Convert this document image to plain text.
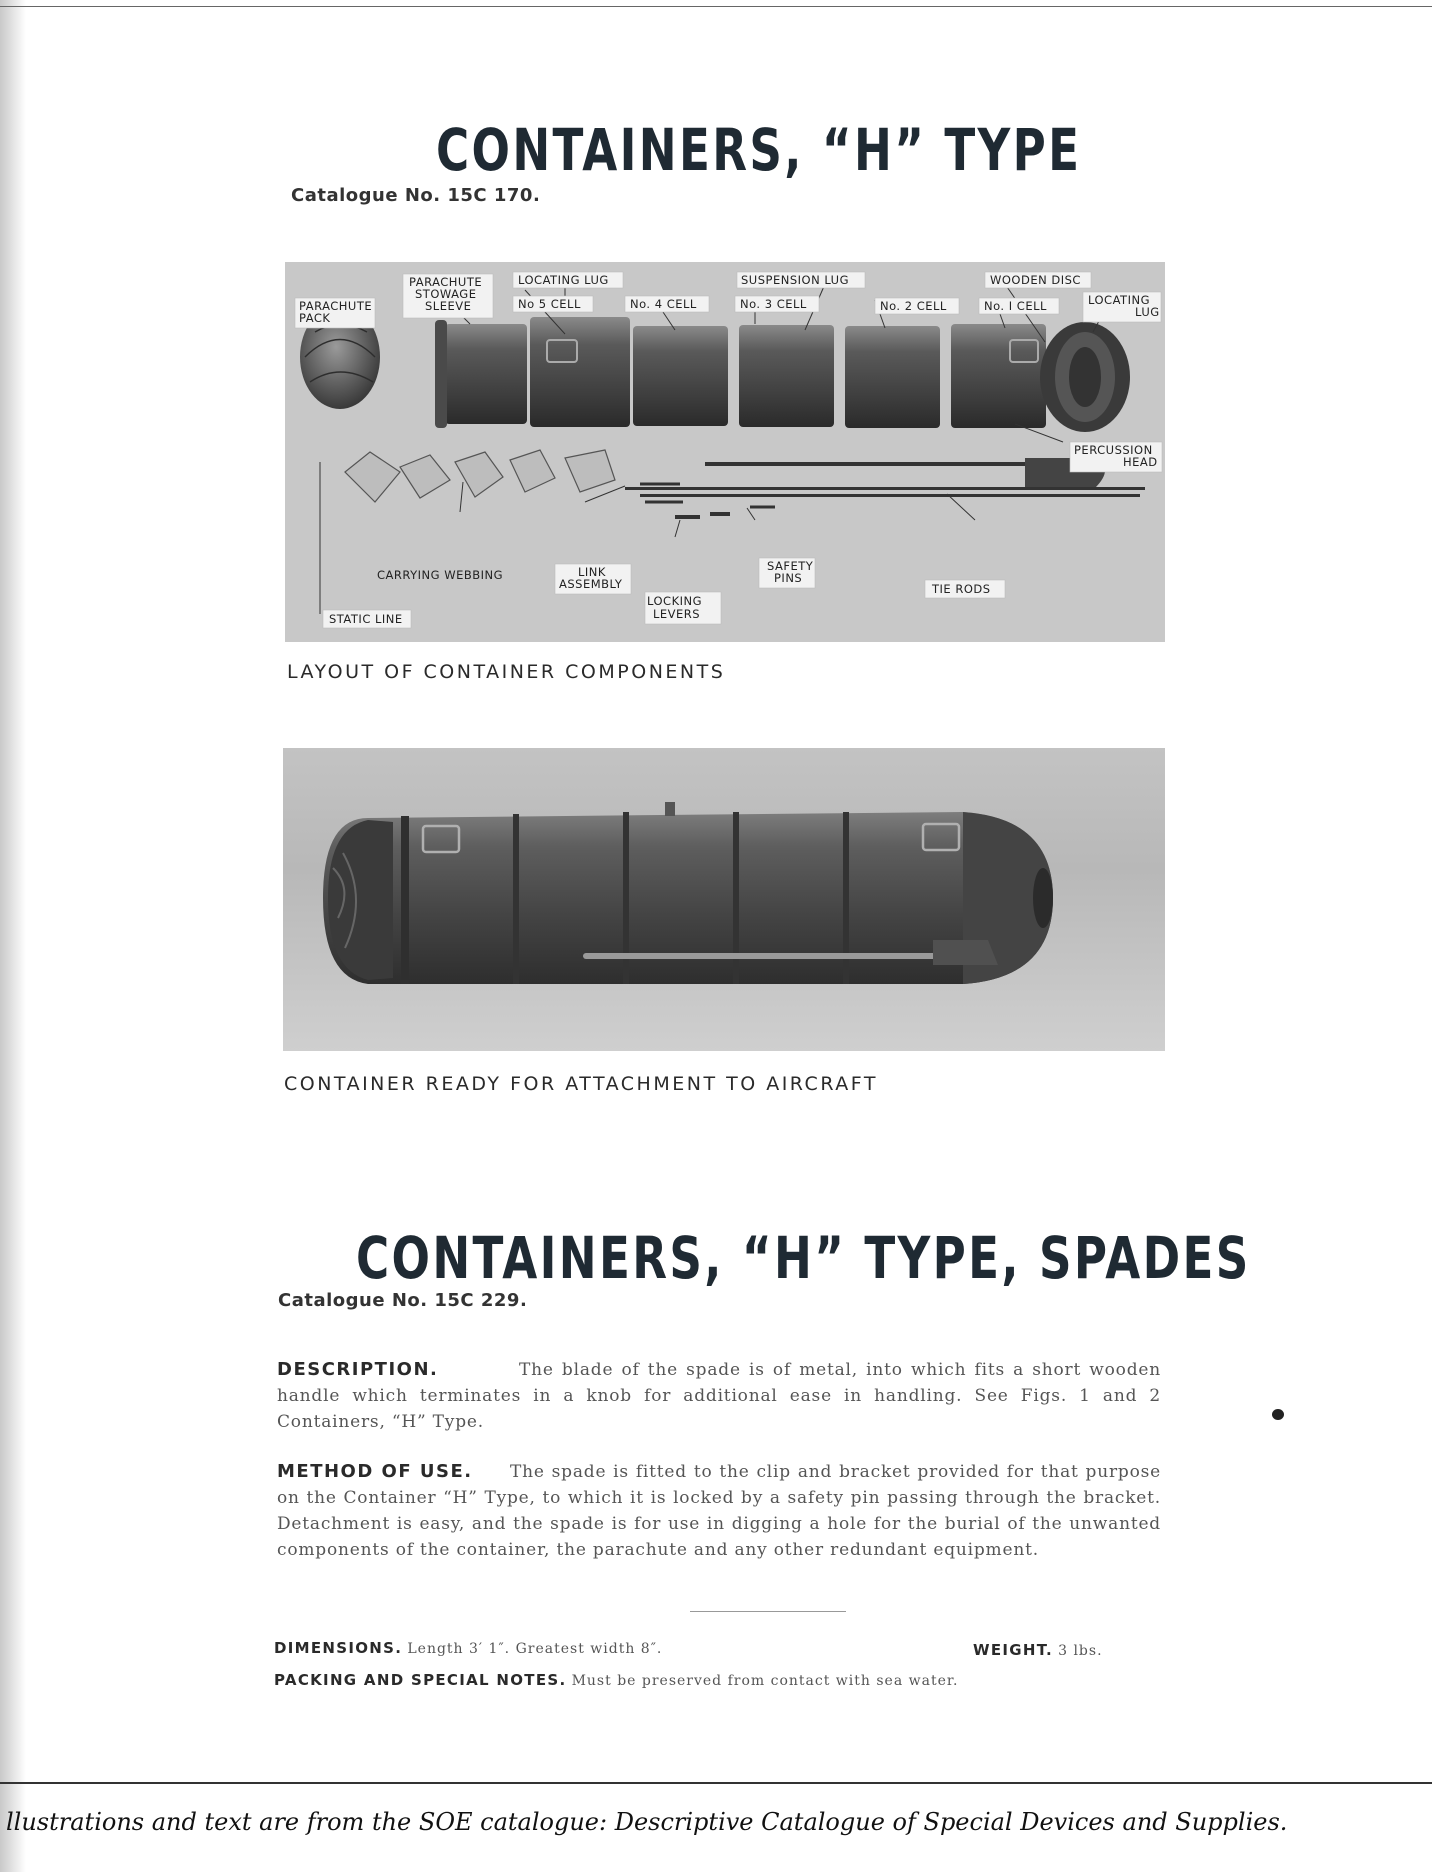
CONTAINERS, “H” TYPE

Catalogue No. 15C 170.

PARACHUTE
PACK
PARACHUTE
STOWAGE
SLEEVE
LOCATING LUG
No 5 CELL	No. 4 CELL
SUSPENSION LUG
No. 3 CELL	No. 2 CELL
WOODEN DISC
No. I CELL	LOCATING
LUG
PERCUSSION
HEAD
CARRYING WEBBING	LINK
ASSEMBLY
SAFETY
PINS
LOCKING
LEVERS
TIE RODS
STATIC LINE

LAYOUT OF CONTAINER COMPONENTS

CONTAINER READY FOR ATTACHMENT TO AIRCRAFT

CONTAINERS, “H” TYPE, SPADES

Catalogue No. 15C 229.

DESCRIPTION.	The blade of the spade is of metal, into which fits a short wooden handle which terminates in a knob for additional ease in handling. See Figs. 1 and 2 Containers, “H” Type.
METHOD OF USE. The spade is fitted to the clip and bracket provided for that purpose on the Container “H” Type, to which it is locked by a safety pin passing through the bracket. Detachment is easy, and the spade is for use in digging a hole for the burial of the unwanted components of the container, the parachute and any other redundant equipment.
DIMENSIONS. Length 3′ 1″. Greatest width 8″.	WEIGHT. 3 lbs.
PACKING AND SPECIAL NOTES. Must be preserved from contact with sea water.

llustrations and text are from the SOE catalogue: Descriptive Catalogue of Special Devices and Supplies.
